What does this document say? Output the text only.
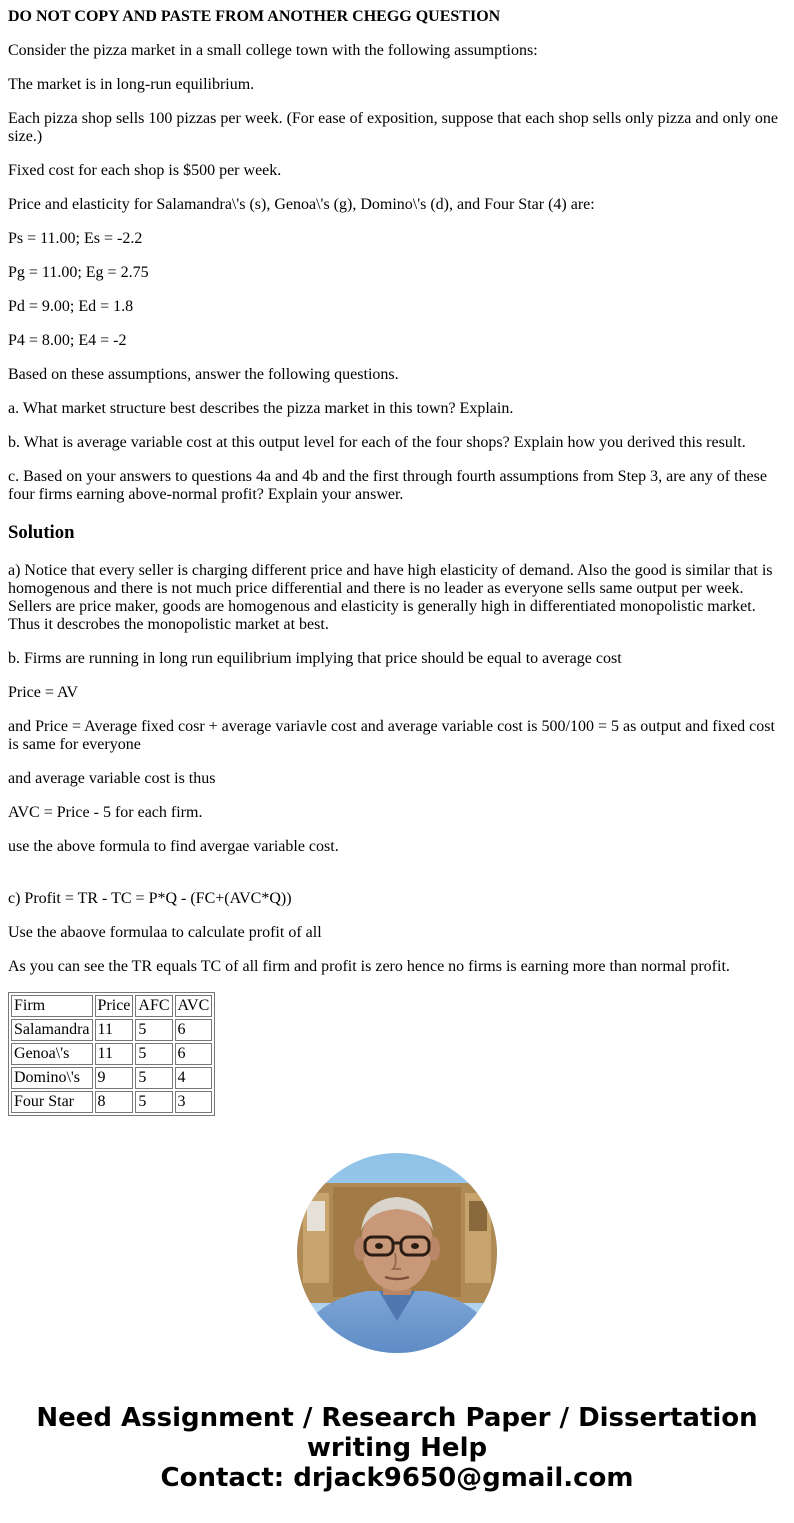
DO NOT COPY AND PASTE FROM ANOTHER CHEGG QUESTION

Consider the pizza market in a small college town with the following assumptions:

The market is in long-run equilibrium.

Each pizza shop sells 100 pizzas per week. (For ease of exposition, suppose that each shop sells only pizza and only one size.)

Fixed cost for each shop is $500 per week.

Price and elasticity for Salamandra\'s (s), Genoa\'s (g), Domino\'s (d), and Four Star (4) are:

Ps = 11.00; Es = -2.2

Pg = 11.00; Eg = 2.75

Pd = 9.00; Ed = 1.8

P4 = 8.00; E4 = -2

Based on these assumptions, answer the following questions.

a. What market structure best describes the pizza market in this town? Explain.

b. What is average variable cost at this output level for each of the four shops? Explain how you derived this result.

c. Based on your answers to questions 4a and 4b and the first through fourth assumptions from Step 3, are any of these four firms earning above-normal profit? Explain your answer.

Solution

a) Notice that every seller is charging different price and have high elasticity of demand. Also the good is similar that is homogenous and there is not much price differential and there is no leader as everyone sells same output per week. Sellers are price maker, goods are homogenous and elasticity is generally high in differentiated monopolistic market. Thus it descrobes the monopolistic market at best.

b. Firms are running in long run equilibrium implying that price should be equal to average cost

Price = AV

and Price = Average fixed cosr + average variavle cost and average variable cost is 500/100 = 5 as output and fixed cost is same for everyone

and average variable cost is thus

AVC = Price - 5 for each firm.

use the above formula to find avergae variable cost.

c) Profit = TR - TC = P*Q - (FC+(AVC*Q))

Use the abaove formulaa to calculate profit of all

As you can see the TR equals TC of all firm and profit is zero hence no firms is earning more than normal profit.

Firm	Price	AFC	AVC
Salamandra	11	5	6
Genoa\'s	11	5	6
Domino\'s	9	5	4
Four Star	8	5	3
Need Assignment / Research Paper / Dissertation
writing Help
Contact: drjack9650@gmail.com
